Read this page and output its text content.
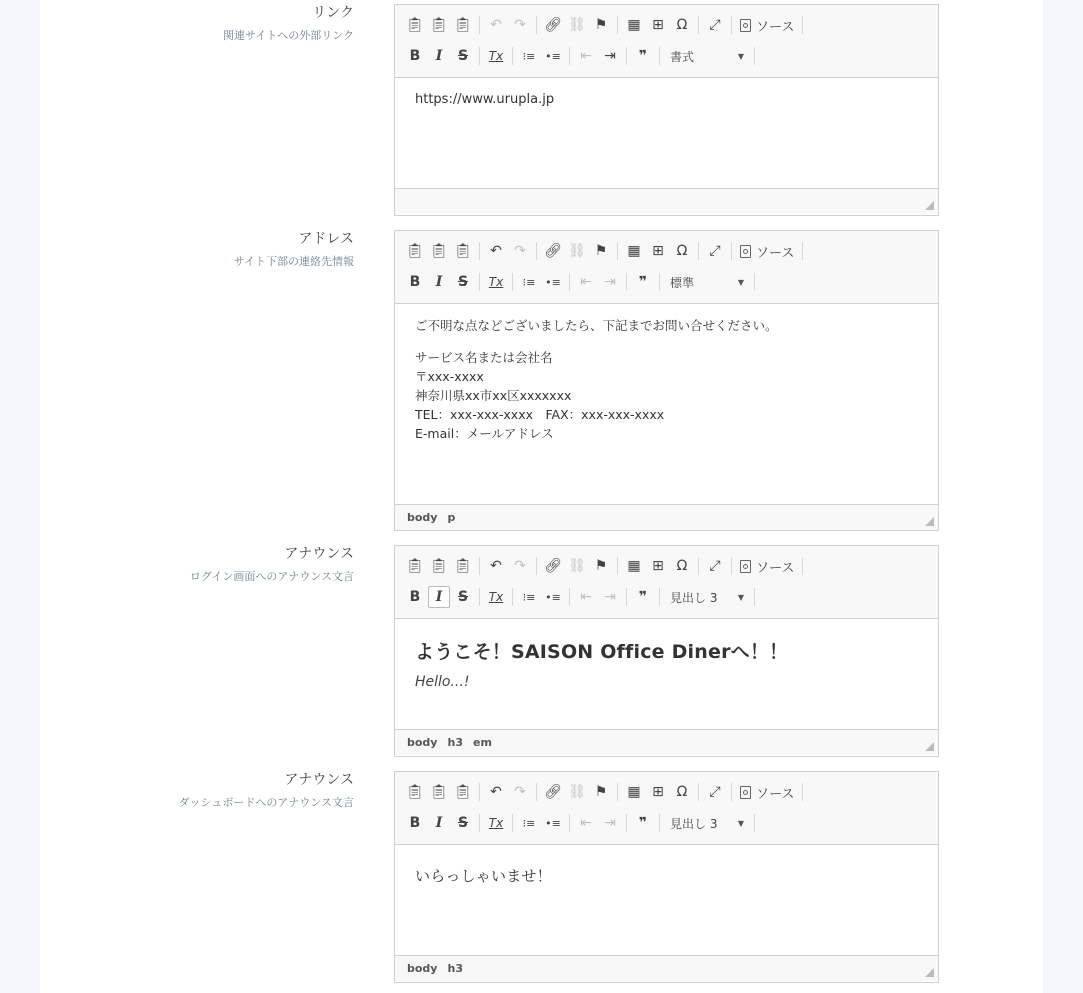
リンク
関連サイトへの外部リンク
📋︎ 📋︎ 📋︎	↶ ↷	🔗︎ ⛓ ⚑	▦ ⊞ Ω	⤢	ソース
B	I	S	Tx	⁝≡ •≡	⇤ ⇥	❞	書式	▼

https://www.urupla.jp

アドレス
サイト下部の連絡先情報
📋︎ 📋︎ 📋︎	↶ ↷	🔗︎ ⛓ ⚑	▦ ⊞ Ω	⤢	ソース
B	I	S	Tx	⁝≡ •≡	⇤ ⇥	❞	標準	▼

ご不明な点などございましたら、下記までお問い合せください。

サービス名または会社名
〒xxx-xxxx
神奈川県xx市xx区xxxxxxx
TEL：xxx-xxx-xxxx　FAX：xxx-xxx-xxxx
E-mail：メールアドレス
body p
アナウンス
ログイン画面へのアナウンス文言
📋︎ 📋︎ 📋︎	↶ ↷	🔗︎ ⛓ ⚑	▦ ⊞ Ω	⤢	ソース
B	I	S	Tx	⁝≡ •≡	⇤ ⇥	❞	見出し 3	▼
ようこそ！SAISON Office Dinerへ！！
Hello...!
body h3 em
アナウンス
ダッシュボードへのアナウンス文言
📋︎ 📋︎ 📋︎	↶ ↷	🔗︎ ⛓ ⚑	▦ ⊞ Ω	⤢	ソース
B	I	S	Tx	⁝≡ •≡	⇤ ⇥	❞	見出し 3	▼
いらっしゃいませ！
body h3
